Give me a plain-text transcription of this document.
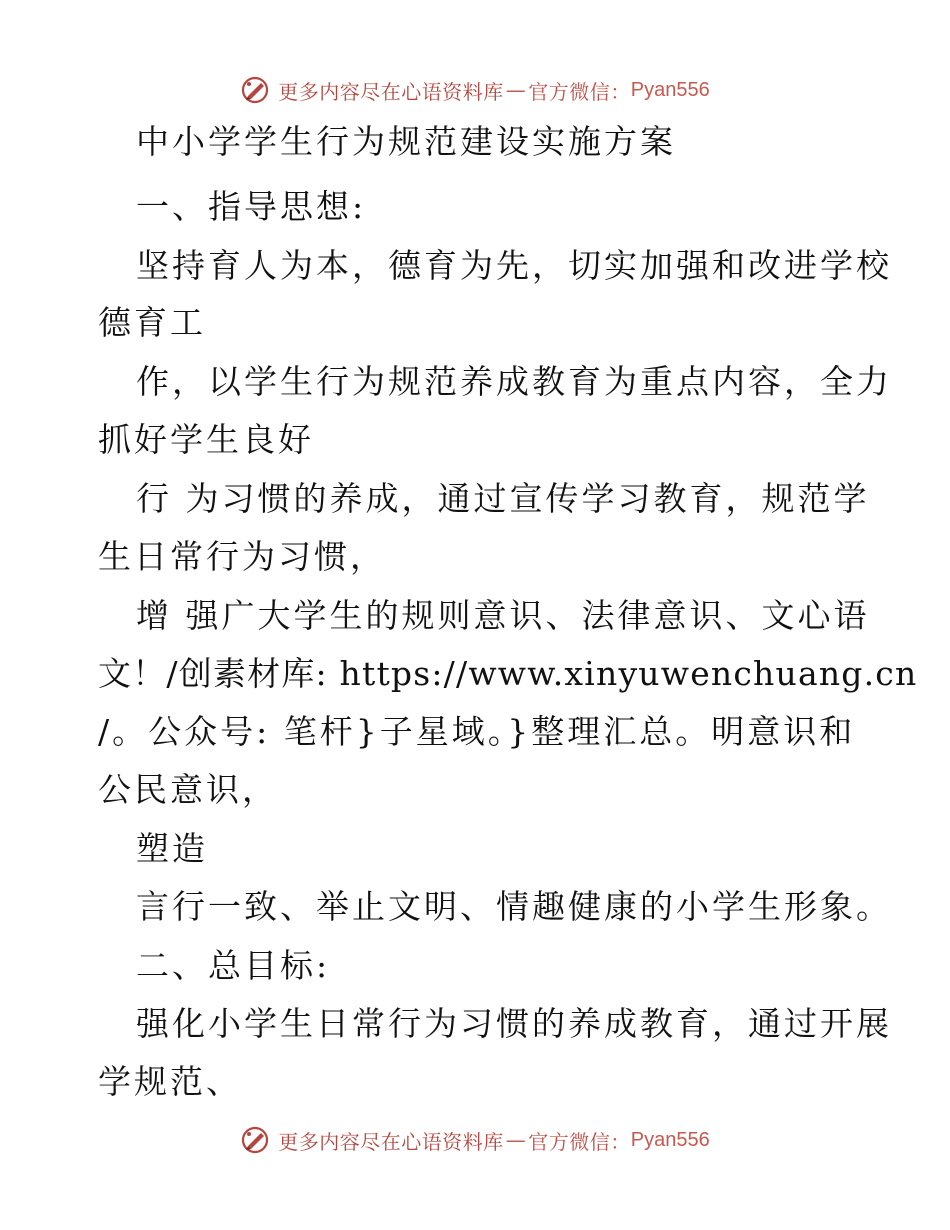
更多内容尽在心语资料库 — 官方微信： Pyan556
中小学学生行为规范建设实施方案
一、指导思想:
坚持育人为本，德育为先，切实加强和改进学校
德育工
作，以学生行为规范养成教育为重点内容，全力
抓好学生良好
行 为习惯的养成，通过宣传学习教育，规范学
生日常行为习惯，
增 强广大学生的规则意识、法律意识、文心语
文！/创素材库: https://www.xinyuwenchuang.cn
/。公众号: 笔杆}子星域。}整理汇总。明意识和
公民意识，
塑造
言行一致、举止文明、情趣健康的小学生形象。
二、总目标:
强化小学生日常行为习惯的养成教育，通过开展
学规范、
更多内容尽在心语资料库 — 官方微信： Pyan556
